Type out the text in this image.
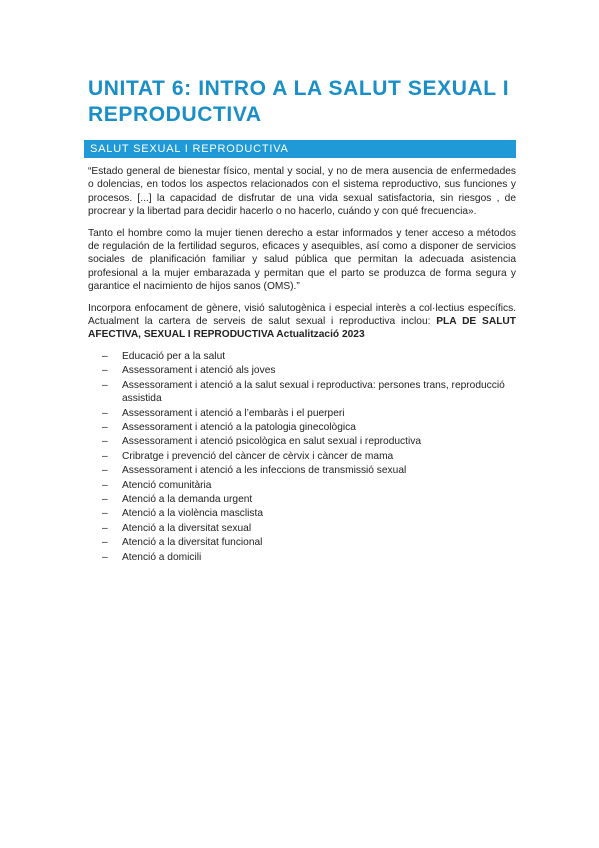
UNITAT 6: INTRO A LA SALUT SEXUAL I REPRODUCTIVA
SALUT SEXUAL I REPRODUCTIVA

“Estado general de bienestar físico, mental y social, y no de mera ausencia de enfermedades o dolencias, en todos los aspectos relacionados con el sistema reproductivo, sus funciones y procesos. [...] la capacidad de disfrutar de una vida sexual satisfactoria, sin riesgos , de procrear y la libertad para decidir hacerlo o no hacerlo, cuándo y con qué frecuencia».

Tanto el hombre como la mujer tienen derecho a estar informados y tener acceso a métodos de regulación de la fertilidad seguros, eficaces y asequibles, así como a disponer de servicios sociales de planificación familiar y salud pública que permitan la adecuada asistencia profesional a la mujer embarazada y permitan que el parto se produzca de forma segura y garantice el nacimiento de hijos sanos (OMS).”

Incorpora enfocament de gènere, visió salutogènica i especial interès a col·lectius específics. Actualment la cartera de serveis de salut sexual i reproductiva inclou: PLA DE SALUT AFECTIVA, SEXUAL I REPRODUCTIVA Actualització 2023

–	Educació per a la salut
–	Assessorament i atenció als joves
–	Assessorament i atenció a la salut sexual i reproductiva: persones trans, reproducció assistida
–	Assessorament i atenció a l’embaràs i el puerperi
–	Assessorament i atenció a la patologia ginecològica
–	Assessorament i atenció psicològica en salut sexual i reproductiva
–	Cribratge i prevenció del càncer de cèrvix i càncer de mama
–	Assessorament i atenció a les infeccions de transmissió sexual
–	Atenció comunitària
–	Atenció a la demanda urgent
–	Atenció a la violència masclista
–	Atenció a la diversitat sexual
–	Atenció a la diversitat funcional
–	Atenció a domicili
